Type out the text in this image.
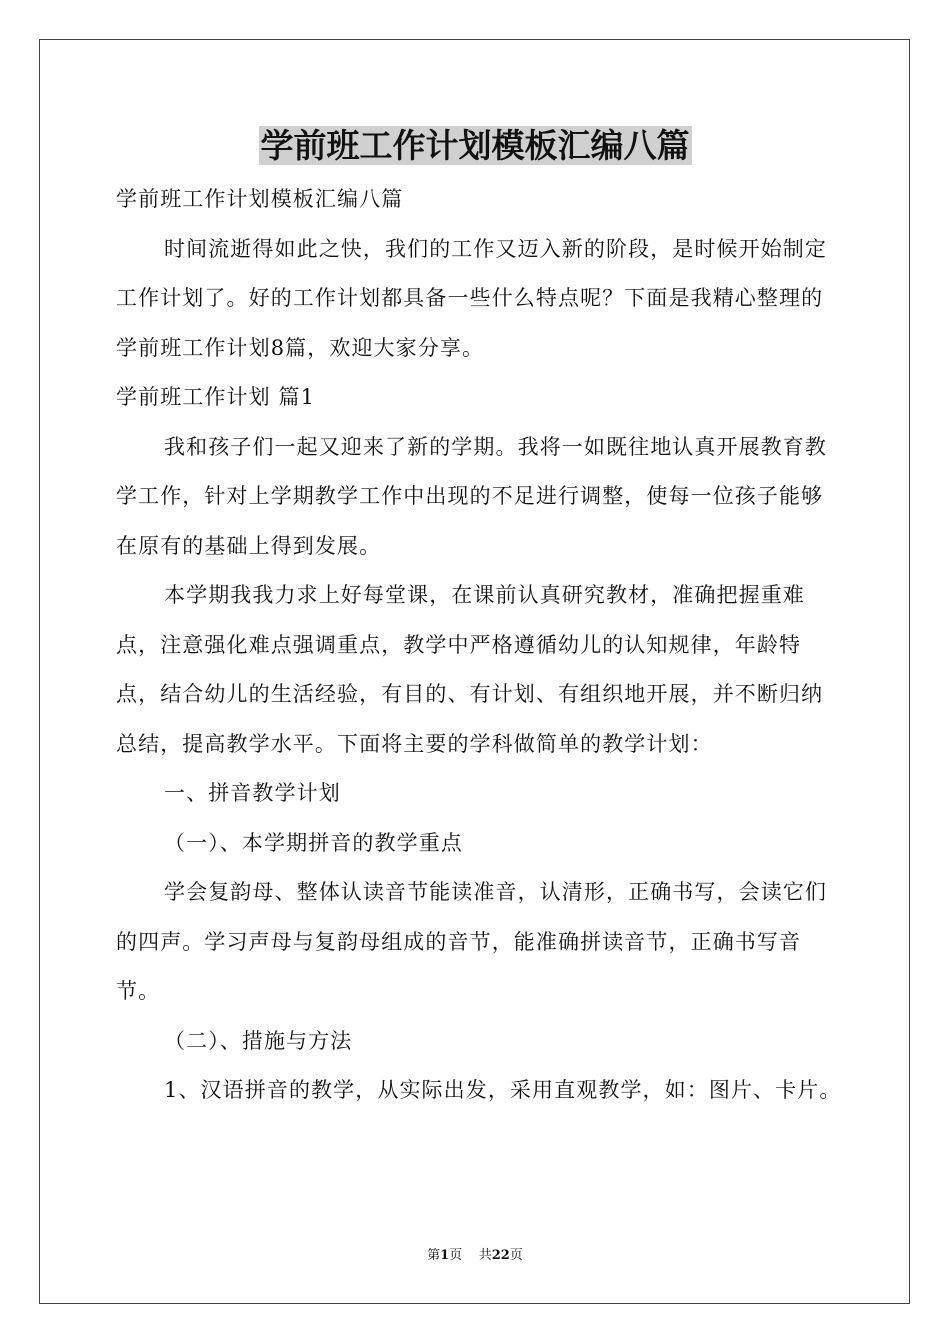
学前班工作计划模板汇编八篇

学前班工作计划模板汇编八篇

时间流逝得如此之快，我们的工作又迈入新的阶段，是时候开始制定工作计划了。好的工作计划都具备一些什么特点呢？下面是我精心整理的学前班工作计划8篇，欢迎大家分享。

学前班工作计划 篇1

我和孩子们一起又迎来了新的学期。我将一如既往地认真开展教育教学工作，针对上学期教学工作中出现的不足进行调整，使每一位孩子能够在原有的基础上得到发展。

本学期我我力求上好每堂课，在课前认真研究教材，准确把握重难点，注意强化难点强调重点，教学中严格遵循幼儿的认知规律，年龄特点，结合幼儿的生活经验，有目的、有计划、有组织地开展，并不断归纳总结，提高教学水平。下面将主要的学科做简单的教学计划：

一、拼音教学计划

（一）、本学期拼音的教学重点

学会复韵母、整体认读音节能读准音，认清形，正确书写，会读它们的四声。学习声母与复韵母组成的音节，能准确拼读音节，正确书写音节。

（二）、措施与方法

1、汉语拼音的教学，从实际出发，采用直观教学，如：图片、卡片。

第1页 共22页
